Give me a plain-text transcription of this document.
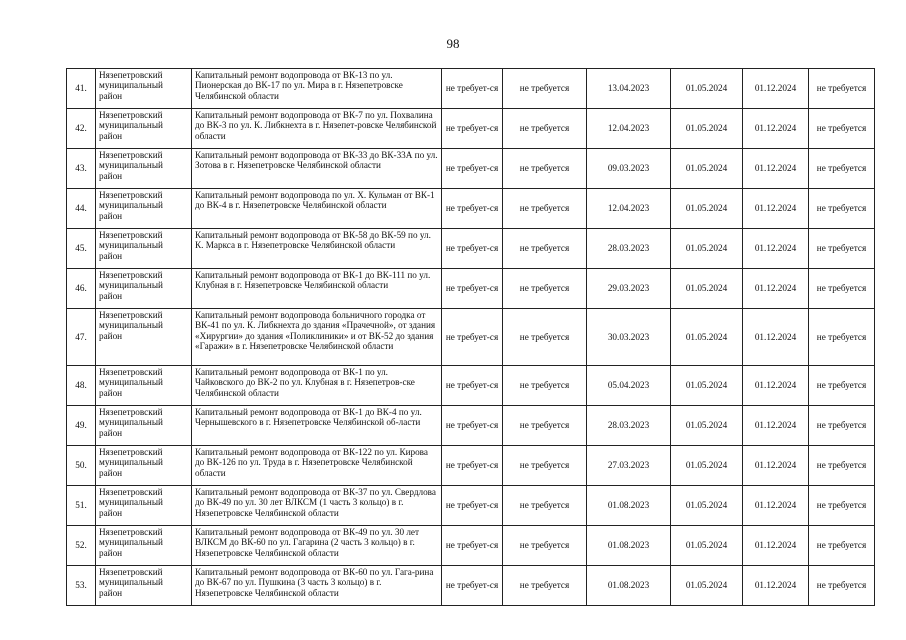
98
41.	Нязепетровский муниципальный район	Капитальный ремонт водопровода от ВК-13 по ул. Пионерская до ВК-17 по ул. Мира в г. Нязепетровске Челябинской области	не требует-ся	не требуется	13.04.2023	01.05.2024	01.12.2024	не требуется
42.	Нязепетровский муниципальный район	Капитальный ремонт водопровода от ВК-7 по ул. Похвалина до ВК-3 по ул. К. Либкнехта в г. Нязепет-ровске Челябинской области	не требует-ся	не требуется	12.04.2023	01.05.2024	01.12.2024	не требуется
43.	Нязепетровский муниципальный район	Капитальный ремонт водопровода от ВК-33 до ВК-33А по ул. Зотова в г. Нязепетровске Челябинской области	не требует-ся	не требуется	09.03.2023	01.05.2024	01.12.2024	не требуется
44.	Нязепетровский муниципальный район	Капитальный ремонт водопровода по ул. Х. Кульман от ВК-1 до ВК-4 в г. Нязепетровске Челябинской области	не требует-ся	не требуется	12.04.2023	01.05.2024	01.12.2024	не требуется
45.	Нязепетровский муниципальный район	Капитальный ремонт водопровода от ВК-58 до ВК-59 по ул. К. Маркса в г. Нязепетровске Челябинской области	не требует-ся	не требуется	28.03.2023	01.05.2024	01.12.2024	не требуется
46.	Нязепетровский муниципальный район	Капитальный ремонт водопровода от ВК-1 до ВК-111 по ул. Клубная в г. Нязепетровске Челябинской области	не требует-ся	не требуется	29.03.2023	01.05.2024	01.12.2024	не требуется
47.	Нязепетровский муниципальный район	Капитальный ремонт водопровода больничного городка от ВК-41 по ул. К. Либкнехта до здания «Прачечной», от здания «Хирургии» до здания «Поликлиники» и от ВК-52 до здания «Гаражи» в г. Нязепетровске Челябинской области	не требует-ся	не требуется	30.03.2023	01.05.2024	01.12.2024	не требуется
48.	Нязепетровский муниципальный район	Капитальный ремонт водопровода от ВК-1 по ул. Чайковского до ВК-2 по ул. Клубная в г. Нязепетров-ске Челябинской области	не требует-ся	не требуется	05.04.2023	01.05.2024	01.12.2024	не требуется
49.	Нязепетровский муниципальный район	Капитальный ремонт водопровода от ВК-1 до ВК-4 по ул. Чернышевского в г. Нязепетровске Челябинской об-ласти	не требует-ся	не требуется	28.03.2023	01.05.2024	01.12.2024	не требуется
50.	Нязепетровский муниципальный район	Капитальный ремонт водопровода от ВК-122 по ул. Кирова до ВК-126 по ул. Труда в г. Нязепетровске Челябинской области	не требует-ся	не требуется	27.03.2023	01.05.2024	01.12.2024	не требуется
51.	Нязепетровский муниципальный район	Капитальный ремонт водопровода от ВК-37 по ул. Свердлова до ВК-49 по ул. 30 лет ВЛКСМ (1 часть 3 кольцо) в г. Нязепетровске Челябинской области	не требует-ся	не требуется	01.08.2023	01.05.2024	01.12.2024	не требуется
52.	Нязепетровский муниципальный район	Капитальный ремонт водопровода от ВК-49 по ул. 30 лет ВЛКСМ до ВК-60 по ул. Гагарина (2 часть 3 кольцо) в г. Нязепетровске Челябинской области	не требует-ся	не требуется	01.08.2023	01.05.2024	01.12.2024	не требуется
53.	Нязепетровский муниципальный район	Капитальный ремонт водопровода от ВК-60 по ул. Гага-рина до ВК-67 по ул. Пушкина (3 часть 3 кольцо) в г. Нязепетровске Челябинской области	не требует-ся	не требуется	01.08.2023	01.05.2024	01.12.2024	не требуется
